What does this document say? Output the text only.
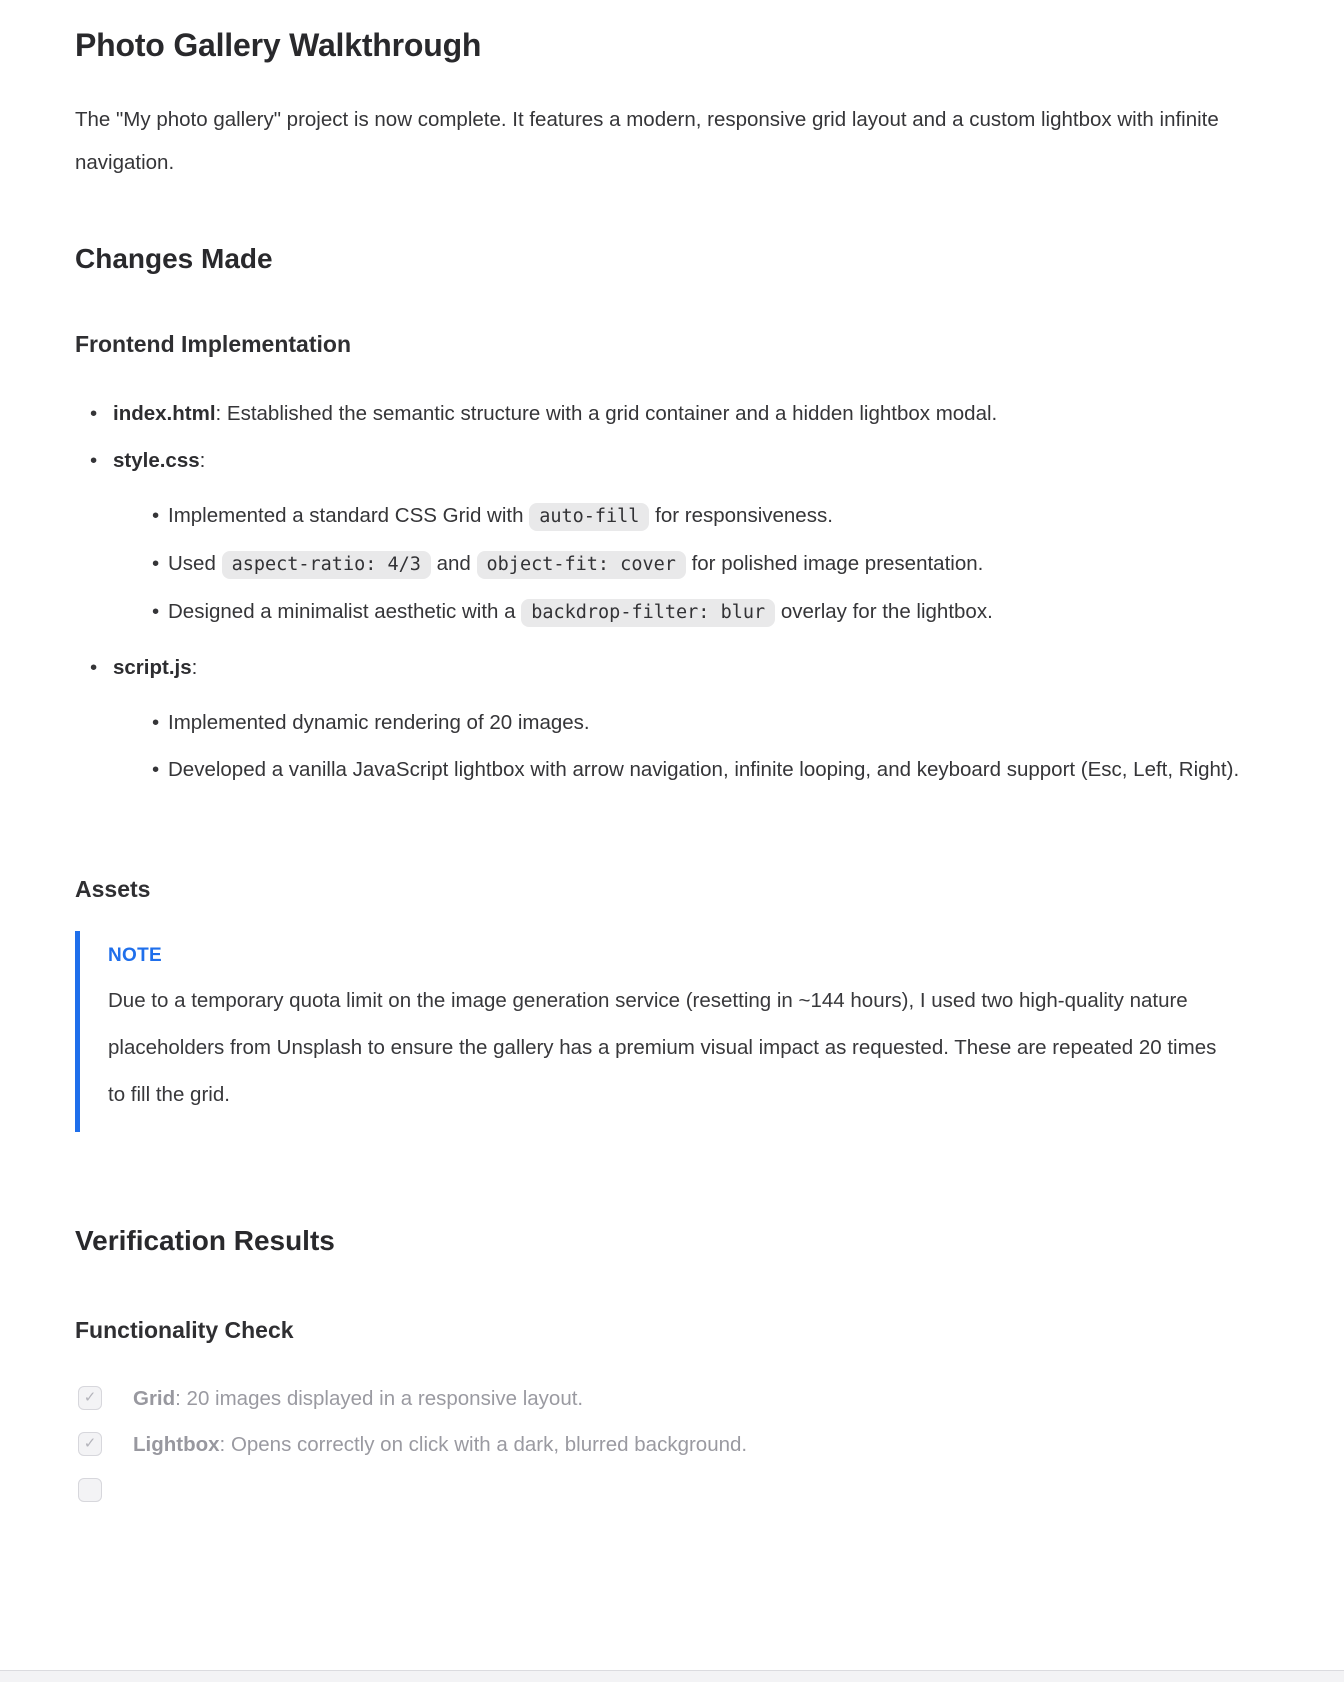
Photo Gallery Walkthrough

The "My photo gallery" project is now complete. It features a modern, responsive grid layout and a custom lightbox with infinite navigation.

Changes Made
Frontend Implementation
• index.html: Established the semantic structure with a grid container and a hidden lightbox modal.
• style.css:
• Implemented a standard CSS Grid with auto-fill for responsiveness.
• Used aspect-ratio: 4/3 and object-fit: cover for polished image presentation.
• Designed a minimalist aesthetic with a backdrop-filter: blur overlay for the lightbox.
• script.js:
• Implemented dynamic rendering of 20 images.
• Developed a vanilla JavaScript lightbox with arrow navigation, infinite looping, and keyboard support (Esc, Left, Right).
Assets
NOTE
Due to a temporary quota limit on the image generation service (resetting in ~144 hours), I used two high-quality nature placeholders from Unsplash to ensure the gallery has a premium visual impact as requested. These are repeated 20 times to fill the grid.
Verification Results
Functionality Check
✓ Grid: 20 images displayed in a responsive layout.
✓ Lightbox: Opens correctly on click with a dark, blurred background.
